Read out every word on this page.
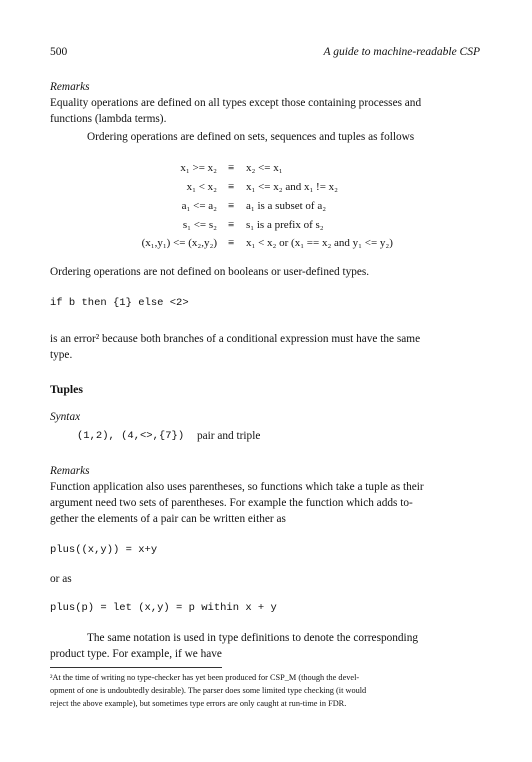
500	A guide to machine-readable CSP
Remarks
Equality operations are defined on all types except those containing processes and
functions (lambda terms).
Ordering operations are defined on sets, sequences and tuples as follows
x₁ >= x₂ ≡ x₂ <= x₁
x₁ < x₂ ≡ x₁ <= x₂ and x₁ != x₂
a₁ <= a₂ ≡ a₁ is a subset of a₂
s₁ <= s₂ ≡ s₁ is a prefix of s₂
(x₁,y₁) <= (x₂,y₂) ≡ x₁ < x₂ or (x₁ == x₂ and y₁ <= y₂)
Ordering operations are not defined on booleans or user-defined types.
if b then {1} else <2>
is an error² because both branches of a conditional expression must have the same
type.
Tuples
Syntax
(1,2), (4,<>,{7}) pair and triple
Remarks
Function application also uses parentheses, so functions which take a tuple as their
argument need two sets of parentheses. For example the function which adds to-
gether the elements of a pair can be written either as
plus((x,y)) = x+y
or as
plus(p) = let (x,y) = p within x + y
The same notation is used in type definitions to denote the corresponding
product type. For example, if we have
²At the time of writing no type-checker has yet been produced for CSP_M (though the devel-
opment of one is undoubtedly desirable). The parser does some limited type checking (it would
reject the above example), but sometimes type errors are only caught at run-time in FDR.
